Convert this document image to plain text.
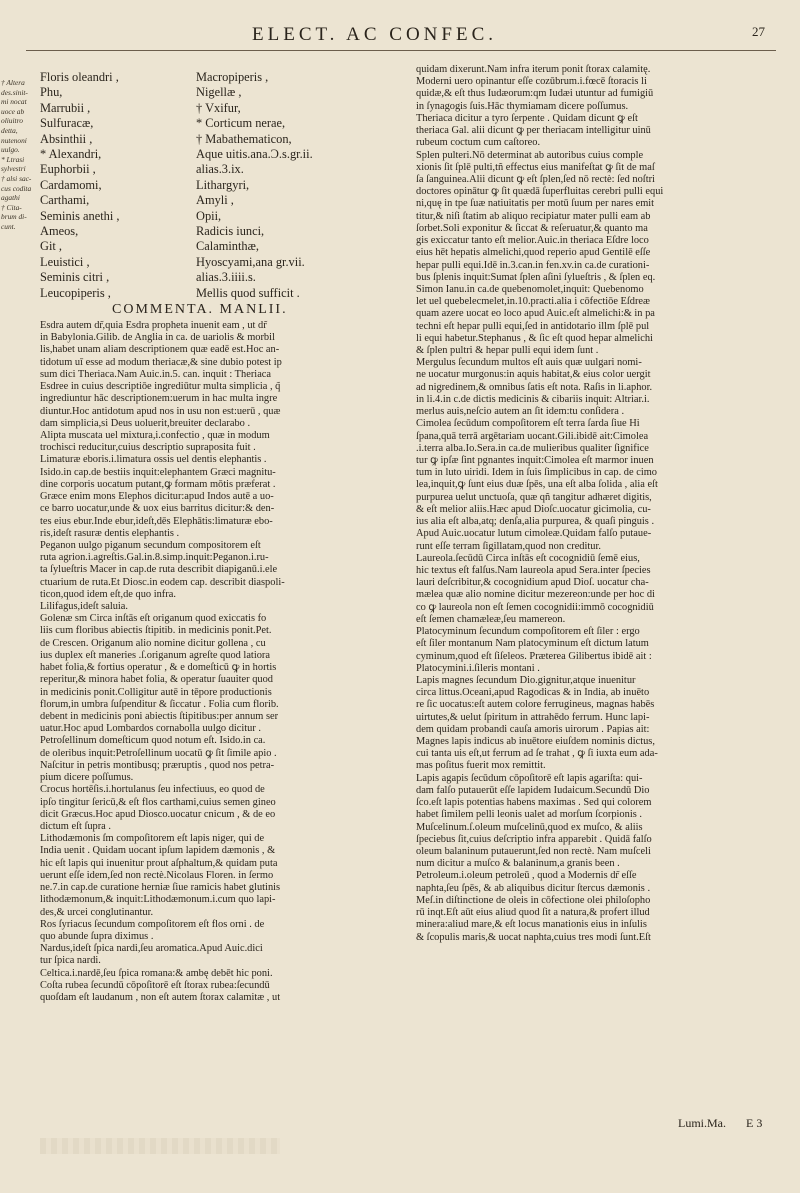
ELECT. AC CONFEC.	27
† Altera
des.sinit-
mi nocat
uoce ab
oliuitro
detta,
nutenoni
uulgo.
* Ltrasi
sylvestri
† alsi sac-
cus codita
agathi
† Cita-
brum di-
cunt.
Floris oleandri ,
Phu,
Marrubii ,
Sulfuracæ,
Absinthii ,
* Alexandri,
Euphorbii ,
Cardamomi,
Carthami,
Seminis anethi ,
Ameos,
Git ,
Leuistici ,
Seminis citri ,
Leucopiperis ,
Macropiperis ,
Nigellæ ,
† Vxifur,
* Corticum nerae,
† Mabathematicon,
Aque uitis.ana.Ɔ.s.gr.ii.
alias.3.ix.
Lithargyri,
Amyli ,
Opii,
Radicis iunci,
Calaminthæ,
Hyoscyami,ana gr.vii.
alias.3.iiii.s.
Mellis quod sufficit .
COMMENTA. MANLII.
Esdra autem dr̃,quia Esdra propheta inuenit eam , ut dr̃
in Babylonia.Gilib. de Anglia in ca. de uariolis & morbil
lis,habet unam aliam descriptionem quæ eadē est.Hoc an-
tidotum uī esse ad modum theriacæ,& sine dubio potest ip
sum dici Theriaca.Nam Auic.in.5. can. inquit : Theriaca
Esdree in cuius descriptiōe ingrediūtur multa simplicia , q̃
ingrediuntur hāc descriptionem:uerum in hac multa ingre
diuntur.Hoc antidotum apud nos in usu non est:uerū , quæ
dam simplicia,si Deus uoluerit,breuiter declarabo .
Alipta muscata uel mixtura,i.confectio , quæ in modum
trochisci reducitur,cuius descriptio supraposita fuit .
Limaturæ eboris.i.limatura ossis uel dentis elephantis .
Isido.in cap.de bestiis inquit:elephantem Græci magnitu-
dine corporis uocatum putant,ꝙ formam mōtis præferat .
Græce enim mons Elephos dicitur:apud Indos autē a uo-
ce barro uocatur,unde & uox eius barritus dicitur:& den-
tes eius ebur.Inde ebur,ideſt,dēs Elephātis:limaturæ ebo-
ris,ideſt rasuræ dentis elephantis .
Peganon uulgo piganum secundum compositorem eſt
ruta agrion.i.agreſtis.Gal.in.8.simp.inquit:Peganon.i.ru-
ta ſylueſtris Macer in cap.de ruta describit diapiganū.i.ele
ctuarium de ruta.Et Diosc.in eodem cap. describit diaspoli-
ticon,quod idem eſt,de quo infra.
Lilifagus,ideſt saluia.
Golenæ sm Circa inſtās eſt origanum quod exiccatis fo
liis cum floribus abiectis ſtipitib. in medicinis ponit.Pet.
de Crescen. Origanum alio nomine dicitur gollena , cu
ius duplex eſt maneries .ſ.origanum agreſte quod latiora
habet folia,& fortius operatur , & e domeſticū ꝙ in hortis
reperitur,& minora habet folia, & operatur ſuauiter quod
in medicinis ponit.Colligitur autē in tēpore productionis
florum,in umbra ſuſpenditur & ſiccatur . Folia cum florib.
debent in medicinis poni abiectis ſtipitibus:per annum ser
uatur.Hoc apud Lombardos cornabolla uulgo dicitur .
Petroſellinum domeſticum quod notum eſt. Isido.in ca.
de oleribus inquit:Petroſellinum uocatū ꝙ ſit ſimile apio .
Naſcitur in petris montibusq; præruptis , quod nos petra-
pium dicere poſſumus.
Crocus hortēſis.i.hortulanus ſeu infectiuus, eo quod de
ipſo tingitur ſericū,& eſt flos carthami,cuius semen gineo
dicit Græcus.Hoc apud Diosco.uocatur cnicum , & de eo
dictum eſt ſupra .
Lithodæmonis ſm compoſitorem eſt lapis niger, qui de
India uenit . Quidam uocant ipſum lapidem dæmonis , &
hic eſt lapis qui inuenitur prout aſphaltum,& quidam puta
uerunt eſſe idem,ſed non rectè.Nicolaus Floren. in ſermo
ne.7.in cap.de curatione herniæ ſiue ramicis habet glutinis
lithodæmonum,& inquit:Lithodæmonum.i.cum quo lapi-
des,& urcei conglutinantur.
Ros ſyriacus ſecundum compoſitorem eſt flos orni . de
quo abunde ſupra diximus .
Nardus,ideſt ſpica nardi,ſeu aromatica.Apud Auic.dici
tur ſpica nardi.
Celtica.i.nardē,ſeu ſpica romana:& ambę debēt hic poni.
Coſta rubea ſecundū cōpoſitorē eſt ſtorax rubea:ſecundū
quoſdam eſt laudanum , non eſt autem ſtorax calamitæ , ut
quidam dixerunt.Nam infra iterum ponit ſtorax calamitę.
Moderni uero opinantur eſſe cozūbrum.i.fœcē ſtoracis li
quidæ,& eſt thus Iudæorum:qm Iudæi utuntur ad fumigiū
in ſynagogis ſuis.Hāc thymiamam dicere poſſumus.
Theriaca dicitur a tyro ſerpente . Quidam dicunt ꝙ eſt
theriaca Gal. alii dicunt ꝙ per theriacam intelligitur uinū
rubeum coctum cum caſtoreo.
Splen pulteri.Nō determinat ab autoribus cuius comple
xionis ſit ſplē pulti,tñ effectus eius manifeſtat ꝙ ſit de maſ
ſa ſanguinea.Alii dicunt ꝙ eſt ſplen,ſed nō rectè: ſed noſtri
doctores opinātur ꝙ ſit quædā ſuperfluitas cerebri pulli equi
ni,quę in tpe ſuæ natiuitatis per motū ſuum per nares emit
titur,& niſi ſtatim ab aliquo recipiatur mater pulli eam ab
ſorbet.Soli exponitur & ſiccat & reſeruatur,& quanto ma
gis exiccatur tanto eſt melior.Auic.in theriaca Eſdre loco
eius hēt hepatis almelichi,quod reperio apud Gentilē eſſe
hepar pulli equi.Idē in.3.can.in fen.xv.in ca.de curationi-
bus ſplenis inquit:Sumat ſplen aſini ſylueſtris , & ſplen eq.
Simon Ianu.in ca.de quebenomolet,inquit: Quebenomo
let uel quebelecmelet,in.10.practi.alia i cōfectiōe Eſdreæ
quam azere uocat eo loco apud Auic.eſt almelichi:& in pa
techni eſt hepar pulli equi,ſed in antidotario illm ſplē pul
li equi habetur.Stephanus , & ſic eſt quod hepar almelichi
& ſplen pultri & hepar pulli equi idem ſunt .
Mergulus ſecundum multos eſt auis quæ uulgari nomi-
ne uocatur murgonus:in aquis habitat,& eius color uergit
ad nigredinem,& omnibus ſatis eſt nota. Raſis in li.aphor.
in li.4.in c.de dictis medicinis & cibariis inquit: Altriar.i.
merlus auis,neſcio autem an ſit idem:tu conſidera .
Cimolea ſecūdum compoſitorem eſt terra ſarda ſiue Hi
ſpana,quā terrā argētariam uocant.Gili.ibidē ait:Cimolea
.i.terra alba.Io.Sera.in ca.de mulieribus qualiter ſignifice
tur ꝙ ipſæ ſint pgnantes inquit:Cimolea eſt marmor inuen
tum in luto uiridi. Idem in ſuis ſimplicibus in cap. de cimo
lea,inquit,ꝙ ſunt eius duæ ſpēs, una eſt alba ſolida , alia eſt
purpurea uelut unctuoſa, quæ qñ tangitur adhæret digitis,
& eſt melior aliis.Hæc apud Dioſc.uocatur gicimolia, cu-
ius alia eſt alba,atq; denſa,alia purpurea, & quaſi pinguis .
Apud Auic.uocatur lutum cimoleæ.Quidam falſo putaue-
runt eſſe terram ſigillatam,quod non creditur.
Laureola.ſecūdū Circa inſtās eſt cocognidiū ſemē eius,
hic textus eſt falſus.Nam laureola apud Sera.inter ſpecies
lauri deſcribitur,& cocognidium apud Dioſ. uocatur cha-
mælea quæ alio nomine dicitur mezereon:unde per hoc di
co ꝙ laureola non eſt ſemen cocognidii:immō cocognidiū
eſt ſemen chamæleæ,ſeu mamereon.
Platocyminum ſecundum compoſitorem eſt ſiler : ergo
eſt ſiler montanum Nam platocyminum eſt dictum latum
cyminum,quod eſt ſiſeleos. Præterea Gilibertus ibidē ait :
Platocymini.i.ſileris montani .
Lapis magnes ſecundum Dio.gignitur,atque inuenitur
circa littus.Oceani,apud Ragodicas & in India, ab inuēto
re ſic uocatus:eſt autem colore ferrugineus, magnas habēs
uirtutes,& uelut ſpiritum in attrahēdo ferrum. Hunc lapi-
dem quidam probandi cauſa amoris uirorum . Papias ait:
Magnes lapis indicus ab inuētore eiuſdem nominis dictus,
cui tanta uis eſt,ut ferrum ad ſe trahat , ꝙ ſi iuxta eum ada-
mas poſitus fuerit mox remittit.
Lapis agapis ſecūdum cōpoſitorē eſt lapis agariſta: qui-
dam falſo putauerūt eſſe lapidem Iudaicum.Secundū Dio
ſco.eſt lapis potentias habens maximas . Sed qui colorem
habet ſimilem pelli leonis ualet ad morſum ſcorpionis .
Muſcelinum.ſ.oleum muſcelinū,quod ex muſco, & aliis
ſpeciebus ſit,cuius deſcriptio infra apparebit . Quidā falſo
oleum balaninum putauerunt,ſed non rectè. Nam muſceli
num dicitur a muſco & balaninum,a granis been .
Petroleum.i.oleum petroleū , quod a Modernis dr̃ eſſe
naphta,ſeu ſpēs, & ab aliquibus dicitur ſtercus dæmonis .
Meſ.in diſtinctione de oleis in cōfectione olei philoſopho
rū inqt.Eſt aūt eius aliud quod ſit a natura,& profert illud
minera:aliud mare,& eſt locus manationis eius in inſulis
& ſcopulis maris,& uocat naphta,cuius tres modi ſunt.Eſt
Lumi.Ma. E 3
